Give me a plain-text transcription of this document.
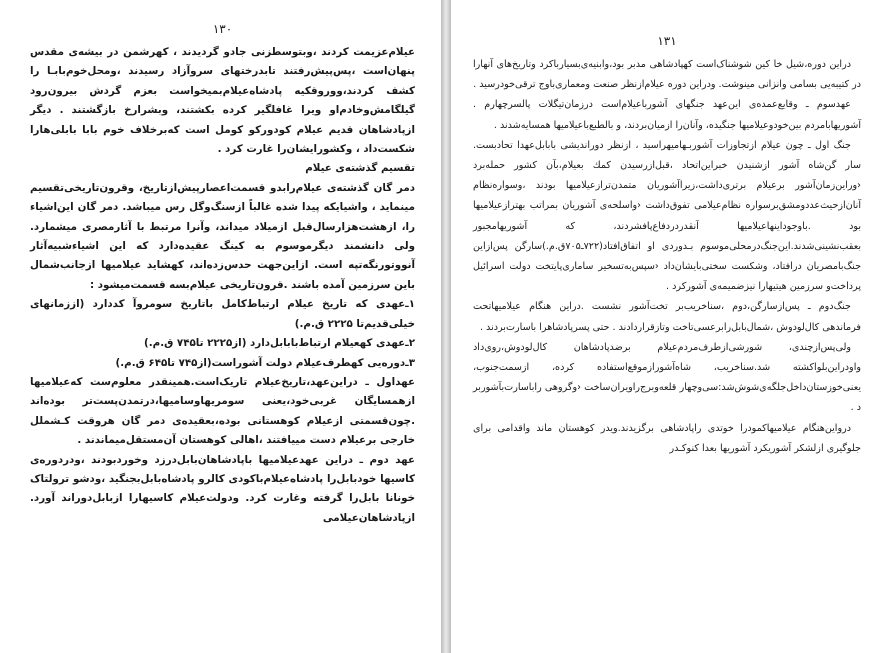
۱۳۰

عیلام‌عزیمت کردند ،وبتوسطزنی جادو گردیدند ، کهرشمن در بیشه‌ی مقدس پنهان‌است ،پس‌پیش‌رفتند تابدرختهای سروآزاد رسیدند ،ومحل‌خوم‌بابـا را کشف کردند،ووروقکیه پادشاه‌عیلام‌بمیخواست بعزم گردش بیرون‌رود گیلگامش‌وخادم‌او ویرا غافلگیر کرده بکشتند، وبشر‌ارخ بازگشتند . دیگر ازپادشاهان قدیم عیلام کودورکو کومل است که‌برخلاف خوم بابا بابلی‌هارا شکست‌داد ، وکشورایشان‌را غارت کرد .

تقسیم گذشته‌ی عیلام

دمر گان گذشته‌ی عیلام‌رابدو قسمت‌اعصارپیش‌ازتاریخ، وقرون‌تاریخی‌تقسیم مینماید ، واشیایکه پیدا شده غالباً ازسنگ‌وگل رس میباشد. دمر گان این‌اشیاء را، ازهشت‌هزارسال‌قبل ازمیلاد میداند، وآنرا مرتبط با آثارمصری میشمارد. ولی دانشمند دیگرموسوم به کینگ عقیده‌دارد که این اشیاءشبیه‌آثار آنووتورنگه‌تپه است. ازاین‌جهت حدس‌زده‌اند، کهشاید عیلامیها ازجانب‌شمال باین سرزمین آمده باشند .قرون‌تاریخی عیلام‌بسه قسمت‌میشود :

۱ـ‌عهدی که تاریخ عیلام ارتباط‌کامل باتاریخ سومروآ کددارد (اززمانهای خیلی‌قدیم‌تا ۲۲۲۵ ق.م.)

۲ـ‌عهدی کهعیلام ارتباط‌بابابل‌دارد (از۲۲۲۵ تا۷۴۵ ق.م.)

۳ـ‌دوره‌یی کهطرف‌عیلام دولت آشوراست(از۷۴۵ تا۶۴۵ ق.م.)

عهداول ـ دراین‌عهد،تاریخ‌عیلام تاریک‌است.همینقدر معلوم‌ست که‌عیلامیها ازهمسایگان غربی‌خود،یعنی سومریهاوسامیها،درتمدن‌پست‌تر بوده‌اند .چون‌قسمتی ازعیلام کوهستانی بوده،بعقیده‌ی دمر گان هروقت کـشملل خارجی برعیلام دست مییافتند ،اهالی کوهستان آن‌مستقل‌میماندند .

عهد دوم ـ دراین عهدعیلامیها باپادشاهان‌بابل‌درزد وخوردبودند ،ودردوره‌ی کاسیها خودبابل‌را پادشاه‌عیلام‌باکودی کالرو پادشاه‌بابل‌بجنگید ،ودشو ترولتاک خونانا بابل‌را گرفته وغارت کرد. ودولت‌عیلام کاسیهارا ازبابل‌دوراند آورد. ازپادشاهان‌عیلامی

۱۳۱

دراین دوره،شیل خا کین شوشناک‌است کهپادشاهی مدبر بود،وابنیه‌ی‌بسیارباکرد وتاریخ‌های آنهارا در کتیبه‌یی بسامی وانزانی مینوشت. ودراین دوره عیلام‌ازنظر صنعت ومعماری‌باوج ترقی‌خودرسید .

عهدسوم ـ وقایع‌عمده‌ی این‌عهد جنگهای آشوربا‌عیلام‌است درزمان‌تیگلات پالسرچهارم . آشوریها‌بامردم بین‌خودوعیلامیها جنگیده، وآنان‌را ازمیان‌بردند، و بالطبع‌باعیلامیها همسایه‌شدند .

جنگ اول ـ چون عیلام ازتجاوزات آشوربـهامیهراسید ، ازنظر دوراندیشی بابابل‌عهدا تحادبست. سار گن‌شاه آشور ازشنیدن خبراین‌اتحاد ،قبل‌ازرسیدن کمك بعیلام،بآن کشور حمله‌برد ‹وراین‌زمان‌آشور برعیلام برتری‌داشت،زیراآشوریان متمدن‌تراز‌عیلامیها بودند ،وسواره‌نظام آنان‌ازحیث‌عدد‌ومشق‌برسواره نظام‌عیلامی تفوق‌داشت ‹واسلحه‌ی آشوریان بمراتب بهتراز‌عیلامیها بود .باوجوداینهاعیلامیها آنقدردرد‌فاع‌پافشردند، که آشوریها‌مجبور بعقب‌نشینی‌شدند.این‌جنگ‌درمحلی‌موسوم بـدوردی او اتفاق‌افتاد(۷۲۲ـ۷۰۵ق.م.)سارگن پس‌ازاین جنگ‌بامصریان درافتاد، وشکست‌ سختی‌بایشان‌داد ‹سپس‌به‌تسخیر سامارى‌پایتخت دولت اسرائیل پرداخت‌و سرزمین هیتیهارا نیزضمیمه‌ی آشورکرد .

جنگ‌دوم ـ پس‌ازسارگن،دوم ،سناخریب‌بر تخت‌آشور نشست .دراین هنگام عیلامیهاتحت فرماندهی کال‌لودوش ،شمال‌بابل‌را‌برعسی‌تاخت وتازقراردادند . حتی پسرپادشاهرا باسارت‌بردند .

ولی‌پس‌ازچندی، شورشی‌ازطرف‌مردم‌عیلام برضدپادشاهان کال‌لودوش،روی‌داد واودراین‌بلواکشته شد.سناخریب، شاه‌آشورازموقع‌استفاده کرده، ازسمت‌جنوب، یعنی‌خوزستان‌داخل‌جلگه‌ی‌شوش‌شد:سی‌وچهار قلعه‌وبرج‌راویران‌ساخت ‹وگروهی رابا‌سارت‌بآشوربر د .

درواین‌هنگام عیلامیهاکمودرا خوتدی راپادشاهی برگزیدند.ویدر کوهستان ماند واقدامی برای جلوگیری ازلشکر آشوریکرد آشوریها بعدا کنوکـدر
